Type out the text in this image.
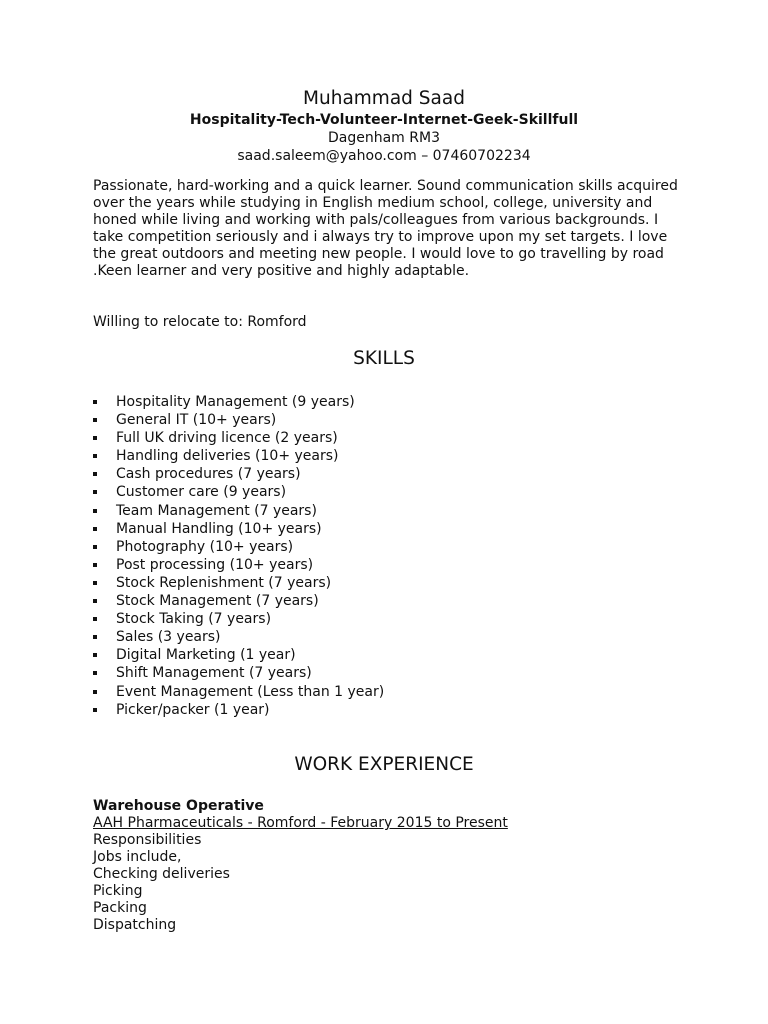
Muhammad Saad

Hospitality-Tech-Volunteer-Internet-Geek-Skillfull

Dagenham RM3

saad.saleem@yahoo.com – 07460702234

Passionate, hard-working and a quick learner. Sound communication skills acquired over the years while studying in English medium school, college, university and honed while living and working with pals/colleagues from various backgrounds. I take competition seriously and i always try to improve upon my set targets. I love the great outdoors and meeting new people. I would love to go travelling by road .Keen learner and very positive and highly adaptable.

Willing to relocate to: Romford

SKILLS
Hospitality Management (9 years)
General IT (10+ years)
Full UK driving licence (2 years)
Handling deliveries (10+ years)
Cash procedures (7 years)
Customer care (9 years)
Team Management (7 years)
Manual Handling (10+ years)
Photography (10+ years)
Post processing (10+ years)
Stock Replenishment (7 years)
Stock Management (7 years)
Stock Taking (7 years)
Sales (3 years)
Digital Marketing (1 year)
Shift Management (7 years)
Event Management (Less than 1 year)
Picker/packer (1 year)
WORK EXPERIENCE

Warehouse Operative

AAH Pharmaceuticals - Romford - February 2015 to Present

Responsibilities

Jobs include,

Checking deliveries

Picking

Packing

Dispatching
